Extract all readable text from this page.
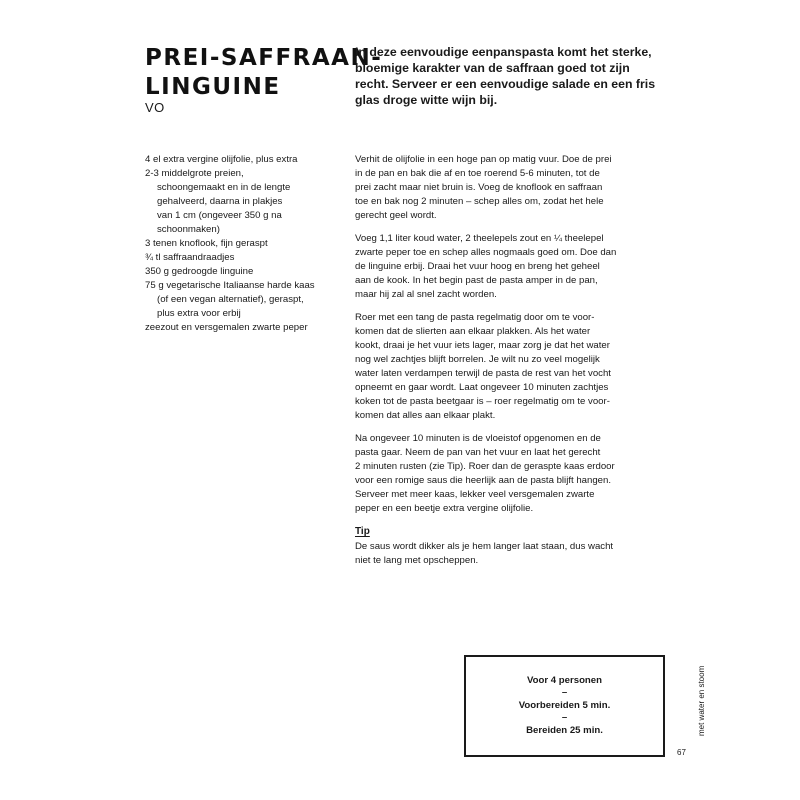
PREI-SAFFRAAN-
LINGUINE
VO
In deze eenvoudige eenpanspasta komt het sterke,
bloemige karakter van de saffraan goed tot zijn
recht. Serveer er een eenvoudige salade en een fris
glas droge witte wijn bij.
4 el extra vergine olijfolie, plus extra
2-3 middelgrote preien,
schoongemaakt en in de lengte
gehalveerd, daarna in plakjes
van 1 cm (ongeveer 350 g na
schoonmaken)
3 tenen knoflook, fijn geraspt
¾ tl saffraandraadjes
350 g gedroogde linguine
75 g vegetarische Italiaanse harde kaas
(of een vegan alternatief), geraspt,
plus extra voor erbij
zeezout en versgemalen zwarte peper
Verhit de olijfolie in een hoge pan op matig vuur. Doe de prei
in de pan en bak die af en toe roerend 5-6 minuten, tot de
prei zacht maar niet bruin is. Voeg de knoflook en saffraan
toe en bak nog 2 minuten – schep alles om, zodat het hele
gerecht geel wordt.
Voeg 1,1 liter koud water, 2 theelepels zout en ¼ theelepel
zwarte peper toe en schep alles nogmaals goed om. Doe dan
de linguine erbij. Draai het vuur hoog en breng het geheel
aan de kook. In het begin past de pasta amper in de pan,
maar hij zal al snel zacht worden.
Roer met een tang de pasta regelmatig door om te voor-
komen dat de slierten aan elkaar plakken. Als het water
kookt, draai je het vuur iets lager, maar zorg je dat het water
nog wel zachtjes blijft borrelen. Je wilt nu zo veel mogelijk
water laten verdampen terwijl de pasta de rest van het vocht
opneemt en gaar wordt. Laat ongeveer 10 minuten zachtjes
koken tot de pasta beetgaar is – roer regelmatig om te voor-
komen dat alles aan elkaar plakt.
Na ongeveer 10 minuten is de vloeistof opgenomen en de
pasta gaar. Neem de pan van het vuur en laat het gerecht
2 minuten rusten (zie Tip). Roer dan de geraspte kaas erdoor
voor een romige saus die heerlijk aan de pasta blijft hangen.
Serveer met meer kaas, lekker veel versgemalen zwarte
peper en een beetje extra vergine olijfolie.
Tip
De saus wordt dikker als je hem langer laat staan, dus wacht
niet te lang met opscheppen.
Voor 4 personen
–
Voorbereiden 5 min.
–
Bereiden 25 min.	met water en stoom
67
